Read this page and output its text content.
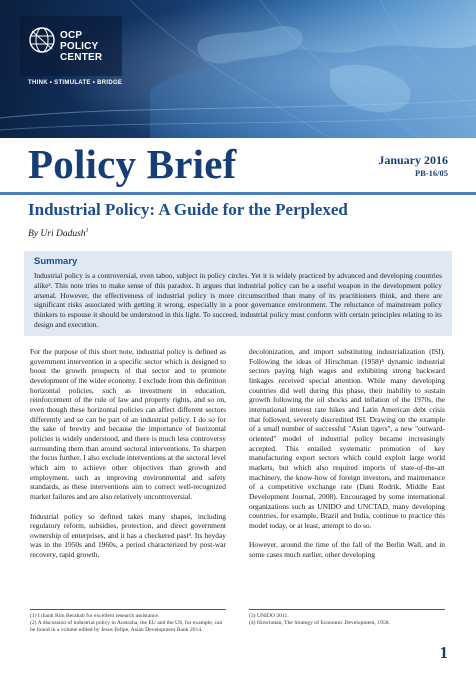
OCP
POLICY
CENTER
THINK • STIMULATE • BRIDGE
Policy Brief	January 2016
PB-16/05
Industrial Policy: A Guide for the Perplexed
By Uri Dadush$^1$
Summary

Industrial policy is a controversial, even taboo, subject in policy circles. Yet it is widely practiced by advanced and developing countries alike². This note tries to make sense of this paradox. It argues that industrial policy can be a useful weapon in the development policy arsenal. However, the effectiveness of industrial policy is more circumscribed than many of its practitioners think, and there are significant risks associated with getting it wrong, especially in a poor governance environment. The reluctance of mainstream policy thinkers to espouse it should be understood in this light. To succeed, industrial policy must conform with certain principles relating to its design and execution.

For the purpose of this short note, industrial policy is defined as government intervention in a specific sector which is designed to boost the growth prospects of that sector and to promote development of the wider economy. I exclude from this definition horizontal policies, such as investment in education, reinforcement of the rule of law and property rights, and so on, even though these horizontal policies can affect different sectors differently and so can be part of an industrial policy. I do so for the sake of brevity and because the importance of horizontal policies is widely understood, and there is much less controversy surrounding them than around sectoral interventions. To sharpen the focus further, I also exclude interventions at the sectoral level which aim to achieve other objectives than growth and employment, such as improving environmental and safety standards, as these interventions aim to correct well-recognized market failures and are also relatively uncontroversial.

Industrial policy so defined takes many shapes, including regulatory reform, subsidies, protection, and direct government ownership of enterprises, and it has a checkered past³. Its heyday was in the 1950s and 1960s, a period characterized by post-war recovery, rapid growth,

decolonization, and import substituting industrialization (ISI). Following the ideas of Hirschman (1958)⁴ dynamic industrial sectors paying high wages and exhibiting strong backward linkages received special attention. While many developing countries did well during this phase, their inability to sustain growth following the oil shocks and inflation of the 1970s, the international interest rate hikes and Latin American debt crisis that followed, severely discredited ISI. Drawing on the example of a small number of successful "Asian tigers", a new "outward-oriented" model of industrial policy became increasingly accepted. This entailed systematic promotion of key manufacturing export sectors which could exploit large world markets, but which also required imports of state-of-the-art machinery, the know-how of foreign investors, and maintenance of a competitive exchange rate (Dani Rodrik, Middle East Development Journal, 2008). Encouraged by some international organizations such as UNIDO and UNCTAD, many developing countries, for example, Brazil and India, continue to practice this model today, or at least, attempt to do so.

However, around the time of the fall of the Berlin Wall, and in some cases much earlier, other developing

(1) I thank Rim Berahab for excellent research assistance.
(2) A discussion of industrial policy in Australia, the EU and the US, for example, can be found in a volume edited by Jesus Felipe, Asian Development Bank 2014.
(3) UNIDO 2011.
(4) Hirschman, The Strategy of Economic Development, 1958.
1
